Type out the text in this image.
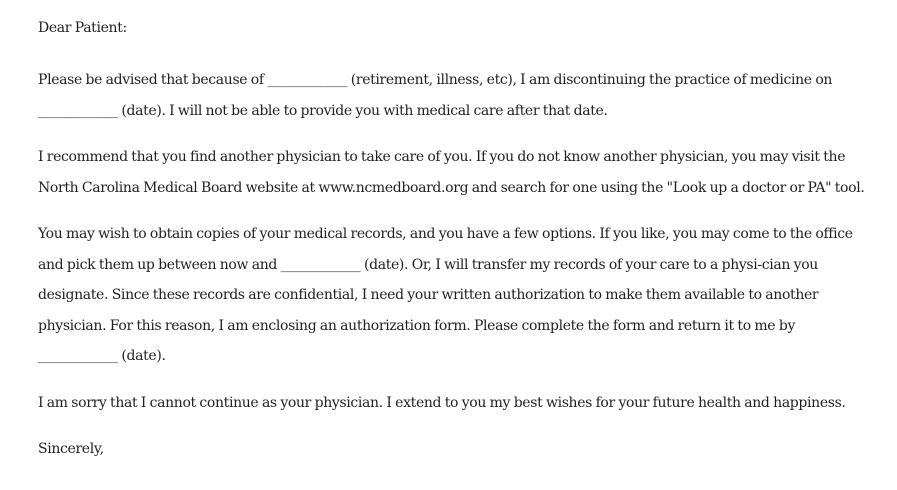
Dear Patient:

Please be advised that because of ____________ (retirement, illness, etc), I am discontinuing the practice of medicine on
____________ (date). I will not be able to provide you with medical care after that date.

I recommend that you find another physician to take care of you. If you do not know another physician, you may visit the North Carolina Medical Board website at www.ncmedboard.org and search for one using the "Look up a doctor or PA" tool.

You may wish to obtain copies of your medical records, and you have a few options. If you like, you may come to the office and pick them up between now and ____________ (date). Or, I will transfer my records of your care to a physi-cian you designate. Since these records are confidential, I need your written authorization to make them available to another physician. For this reason, I am enclosing an authorization form. Please complete the form and return it to me by
____________ (date).

I am sorry that I cannot continue as your physician. I extend to you my best wishes for your future health and happiness.

Sincerely,
